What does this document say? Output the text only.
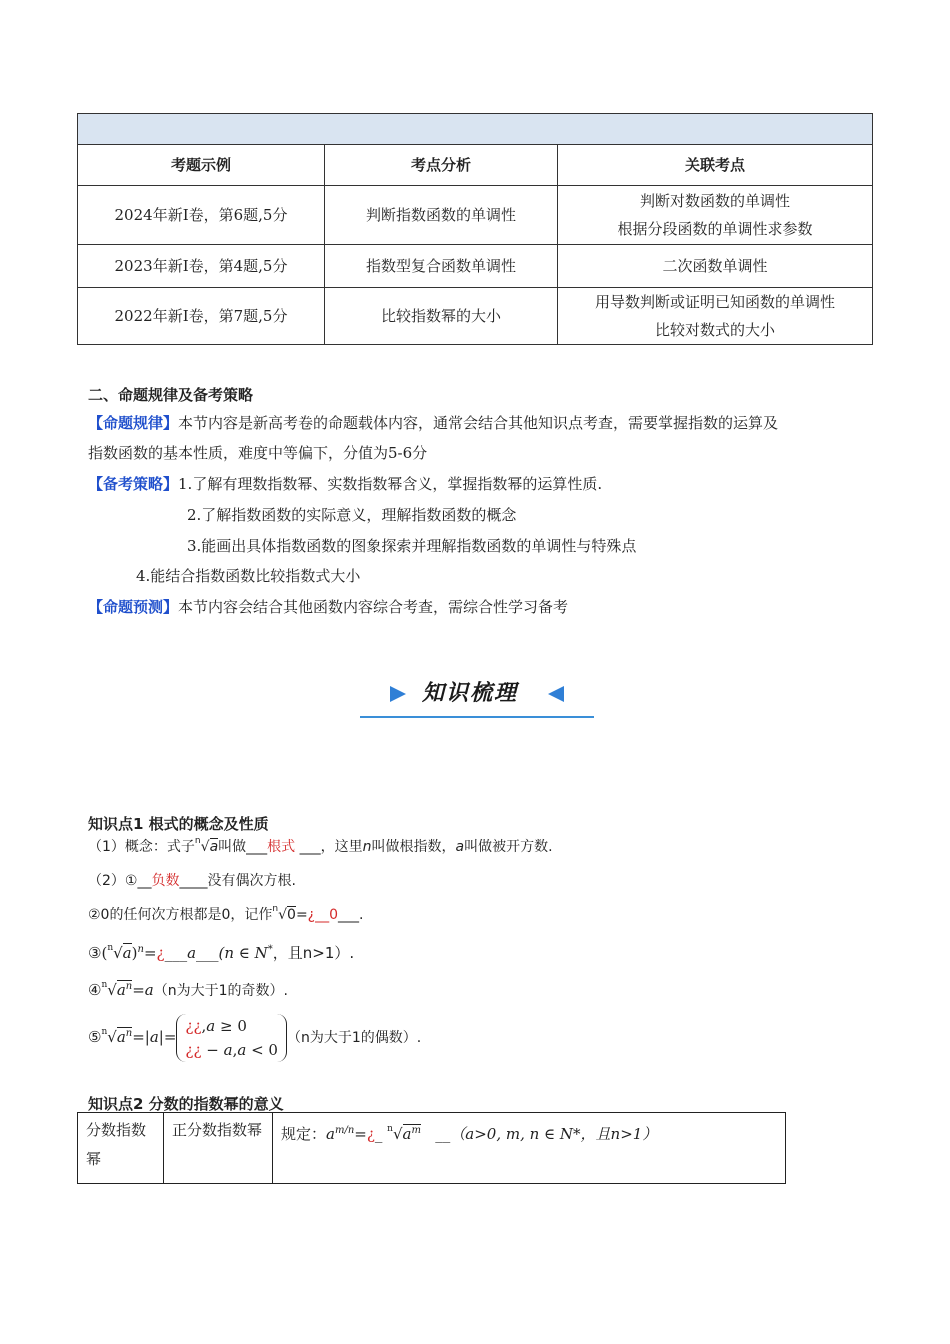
考题示例	考点分析	关联考点
2024年新I卷，第6题,5分	判断指数函数的单调性	判断对数函数的单调性
根据分段函数的单调性求参数

2023年新I卷，第4题,5分	指数型复合函数单调性	二次函数单调性

2022年新I卷，第7题,5分	比较指数幂的大小	用导数判断或证明已知函数的单调性
比较对数式的大小
二、命题规律及备考策略
【命题规律】本节内容是新高考卷的命题载体内容，通常会结合其他知识点考查，需要掌握指数的运算及
指数函数的基本性质，难度中等偏下，分值为5-6分
【备考策略】1.了解有理数指数幂、实数指数幂含义，掌握指数幂的运算性质.
2.了解指数函数的实际意义，理解指数函数的概念
3.能画出具体指数函数的图象探索并理解指数函数的单调性与特殊点
4.能结合指数函数比较指数式大小
【命题预测】本节内容会结合其他函数内容综合考查，需综合性学习备考
知识梳理
知识点1 根式的概念及性质
（1）概念：式子$^n$√a叫做___根式 ___，这里n叫做根指数，a叫做被开方数.
（2）①__负数____没有偶次方根.
②0的任何次方根都是0，记作$^n$√0=¿__0___.
$③(^n√a)^n=¿\_\_\_a\_\_\_(n$ ∈ N*，且n>1）.
$④^n√a^n=a(n$为大于1的奇数）.
$⑤^n√a^n=|a|=¿¿,a \ge 0$
¿¿ − a,a < 0（n为大于1的偶数）.
知识点2 分数的指数幂的意义
分数指数幂	正分数指数幂	规定：$a^{m/n}=¿\_$ $^n√a^m$   __（a>0, m, n ∈ N*，且n>1）
